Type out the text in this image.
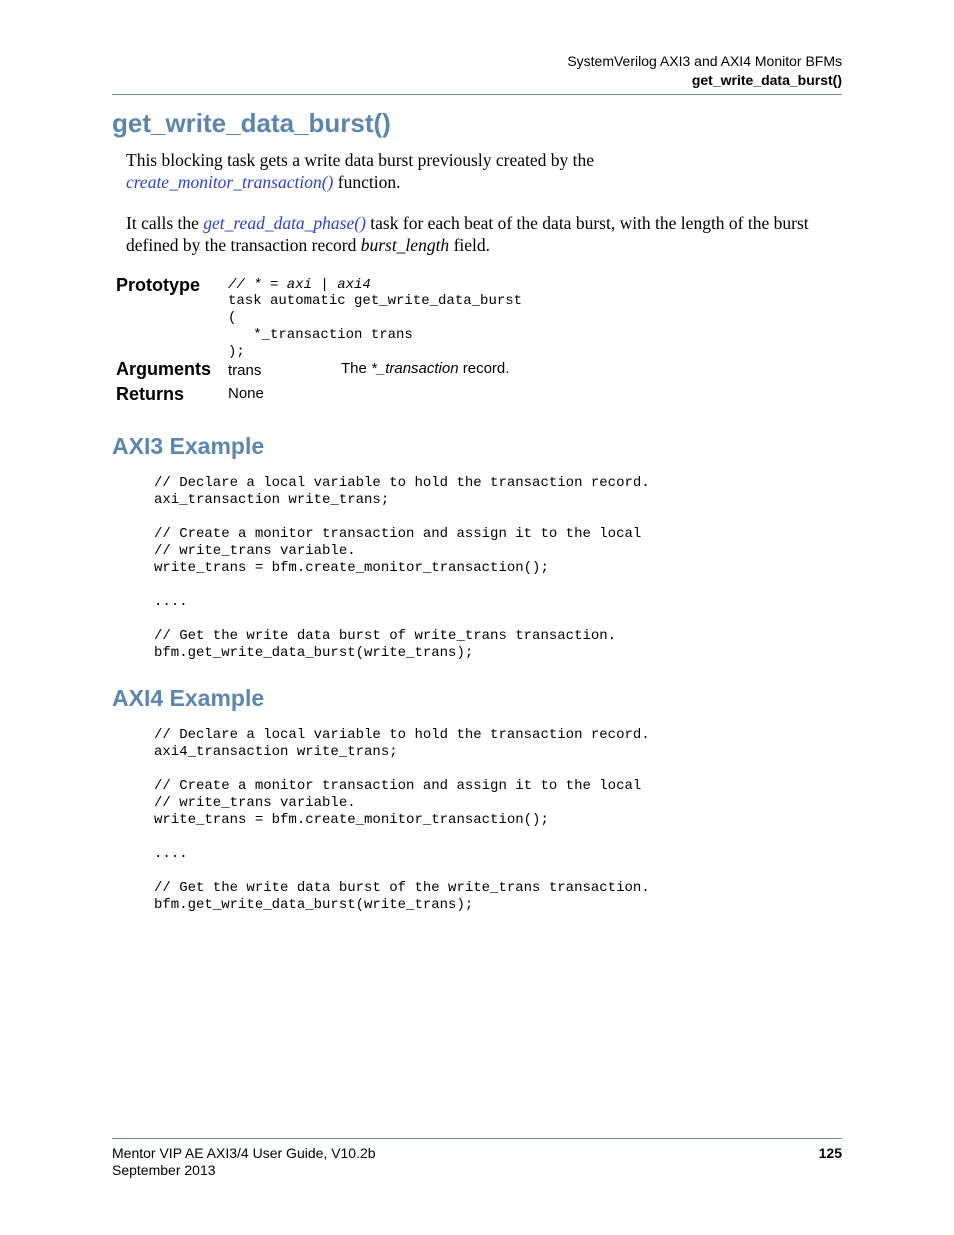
SystemVerilog AXI3 and AXI4 Monitor BFMs
get_write_data_burst()
get_write_data_burst()

This blocking task gets a write data burst previously created by the
create_monitor_transaction() function.

It calls the get_read_data_phase() task for each beat of the data burst, with the length of the burst defined by the transaction record burst_length field.

Prototype // * = axi | axi4
task automatic get_write_data_burst
(
*_transaction trans
);
Arguments trans	The *_transaction record.
Returns	None
AXI3 Example
// Declare a local variable to hold the transaction record.
axi_transaction write_trans;

// Create a monitor transaction and assign it to the local
// write_trans variable.
write_trans = bfm.create_monitor_transaction();

....

// Get the write data burst of write_trans transaction.
bfm.get_write_data_burst(write_trans);
AXI4 Example
// Declare a local variable to hold the transaction record.
axi4_transaction write_trans;

// Create a monitor transaction and assign it to the local
// write_trans variable.
write_trans = bfm.create_monitor_transaction();

....

// Get the write data burst of the write_trans transaction.
bfm.get_write_data_burst(write_trans);
Mentor VIP AE AXI3/4 User Guide, V10.2b
September 2013
125
